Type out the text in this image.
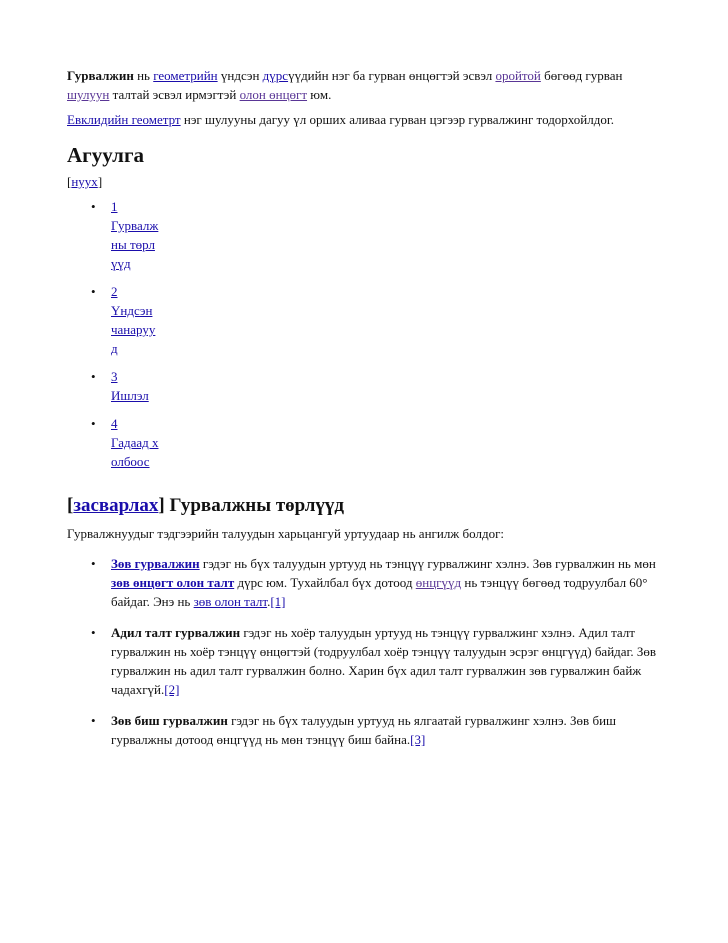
Гурвалжин нь геометрийн үндсэн дүрсүүдийн нэг ба гурван өнцөгтэй эсвэл оройтой бөгөөд гурван шулуун талтай эсвэл ирмэгтэй олон өнцөгт юм.

Евклидийн геометрт нэг шулууны дагуу үл орших аливаа гурван цэгээр гурвалжинг тодорхойлдог.

Агуулга
[нуух]
• 1
Гурвалжны төрлүүд
• 2
Үндсэн чанарууд
• 3
Ишлэл
• 4
Гадаад холбоос
[засварлах] Гурвалжны төрлүүд

Гурвалжнуудыг тэдгээрийн талуудын харьцангуй уртуудаар нь ангилж болдог:

• Зөв гурвалжин гэдэг нь бүх талуудын уртууд нь тэнцүү гурвалжинг хэлнэ. Зөв гурвалжин нь мөн зөв өнцөгт олон талт дүрс юм. Тухайлбал бүх дотоод өнцгүүд нь тэнцүү бөгөөд тодруулбал 60° байдаг. Энэ нь зөв олон талт.[1]
• Адил талт гурвалжин гэдэг нь хоёр талуудын уртууд нь тэнцүү гурвалжинг хэлнэ. Адил талт гурвалжин нь хоёр тэнцүү өнцөгтэй (тодруулбал хоёр тэнцүү талуудын эсрэг өнцгүүд) байдаг. Зөв гурвалжин нь адил талт гурвалжин болно. Харин бүх адил талт гурвалжин зөв гурвалжин байж чадахгүй.[2]
• Зөв биш гурвалжин гэдэг нь бүх талуудын уртууд нь ялгаатай гурвалжинг хэлнэ. Зөв биш гурвалжны дотоод өнцгүүд нь мөн тэнцүү биш байна.[3]
